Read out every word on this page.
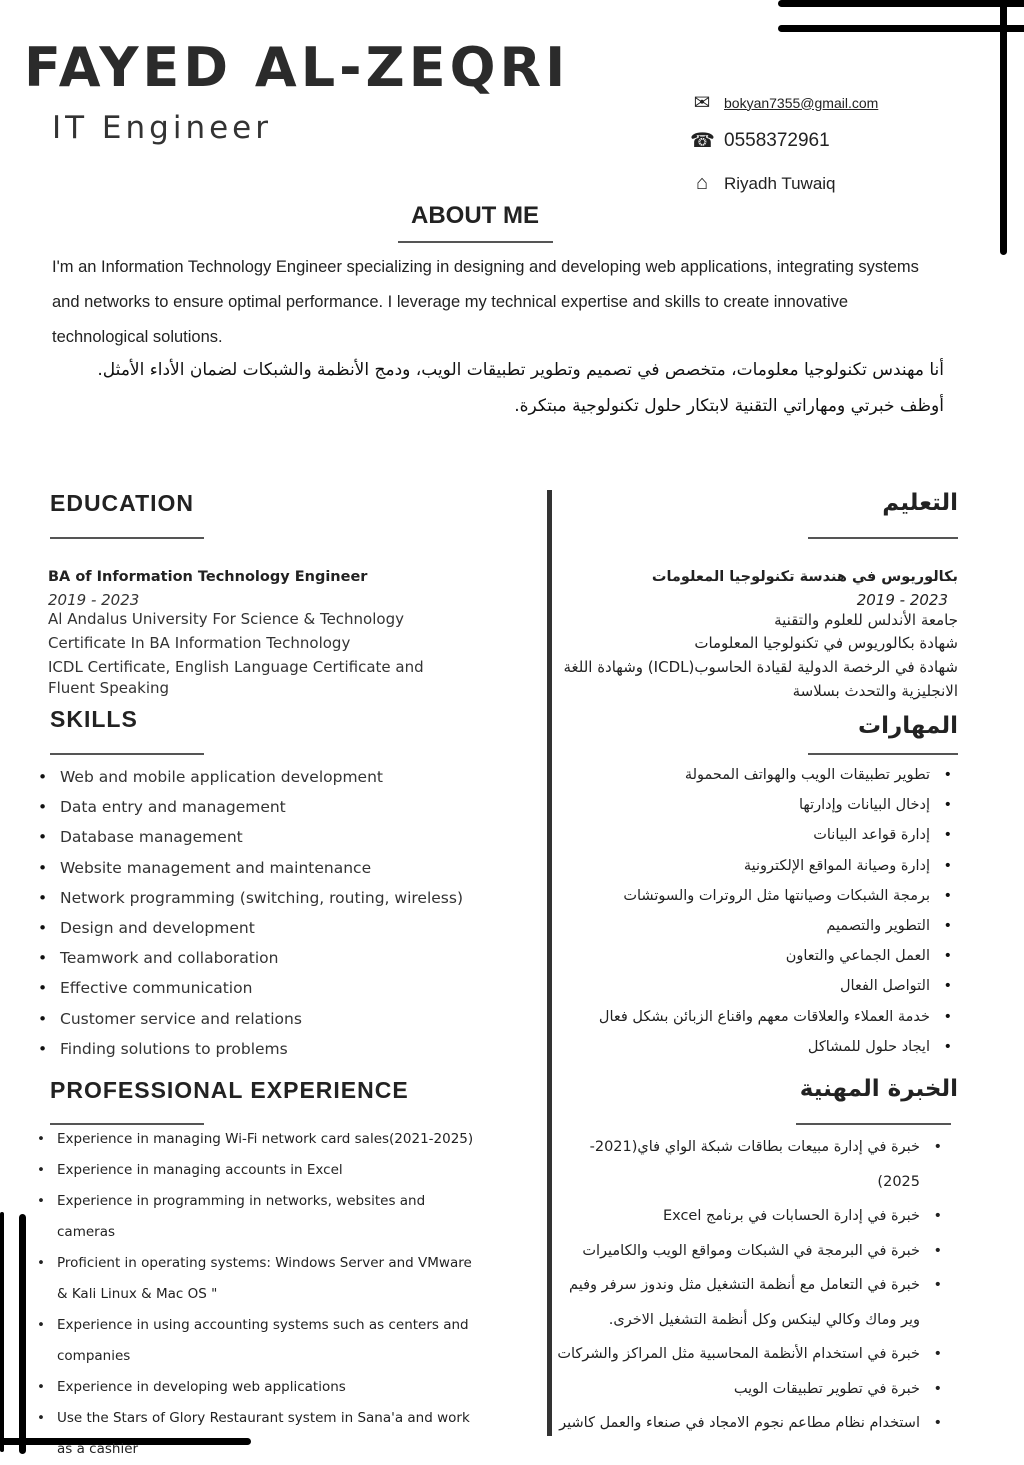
FAYED AL-ZEQRI
IT Engineer
✉ bokyan7355@gmail.com
☎ 0558372961
⌂ Riyadh Tuwaiq
ABOUT ME
I'm an Information Technology Engineer specializing in designing and developing web applications, integrating systems and networks to ensure optimal performance. I leverage my technical expertise and skills to create innovative technological solutions.
أنا مهندس تكنولوجيا معلومات، متخصص في تصميم وتطوير تطبيقات الويب، ودمج الأنظمة والشبكات لضمان الأداء الأمثل. أوظف خبرتي ومهاراتي التقنية لابتكار حلول تكنولوجية مبتكرة.
EDUCATION	التعليم
BA of Information Technology Engineer
2019 - 2023
Al Andalus University For Science & Technology
Certificate In BA Information Technology
ICDL Certificate, English Language Certificate and Fluent Speaking
بكالوريوس في هندسة تكنولوجيا المعلومات
2019 - 2023
جامعة الأندلس للعلوم والتقنية
شهادة بكالوريوس في تكنولوجيا المعلومات
شهادة في الرخصة الدولية لقيادة الحاسوب(ICDL) وشهادة اللغة الانجليزية والتحدث بسلاسة
SKILLS	المهارات
• Web and mobile application development
• Data entry and management
• Database management
• Website management and maintenance
• Network programming (switching, routing, wireless)
• Design and development
• Teamwork and collaboration
• Effective communication
• Customer service and relations
• Finding solutions to problems
• تطوير تطبيقات الويب والهواتف المحمولة
• إدخال البيانات وإدارتها
• إدارة قواعد البيانات
• إدارة وصيانة المواقع الإلكترونية
• برمجة الشبكات وصيانتها مثل الروترات والسوتشات
• التطوير والتصميم
• العمل الجماعي والتعاون
• التواصل الفعال
• خدمة العملاء والعلاقات معهم واقناع الزبائن بشكل فعال
• ايجاد حلول للمشاكل
PROFESSIONAL EXPERIENCE	الخبرة المهنية
• Experience in managing Wi-Fi network card sales(2021-2025)
• Experience in managing accounts in Excel
• Experience in programming in networks, websites and cameras
• Proficient in operating systems: Windows Server and VMware & Kali Linux & Mac OS "
• Experience in using accounting systems such as centers and companies
• Experience in developing web applications
• Use the Stars of Glory Restaurant system in Sana'a and work as a cashier
• خبرة في إدارة مبيعات بطاقات شبكة الواي فاي(2021-2025)
• خبرة في إدارة الحسابات في برنامج Excel
• خبرة في البرمجة في الشبكات ومواقع الويب والكاميرات
• خبرة في التعامل مع أنظمة التشغيل مثل وندوز سرفر وفيم وير وماك وكالي لينكس وكل أنظمة التشغيل الاخرى.
• خبرة في استخدام الأنظمة المحاسبية مثل المراكز والشركات
• خبرة في تطوير تطبيقات الويب
• استخدام نظام مطاعم نجوم الامجاد في صنعاء والعمل كاشير
